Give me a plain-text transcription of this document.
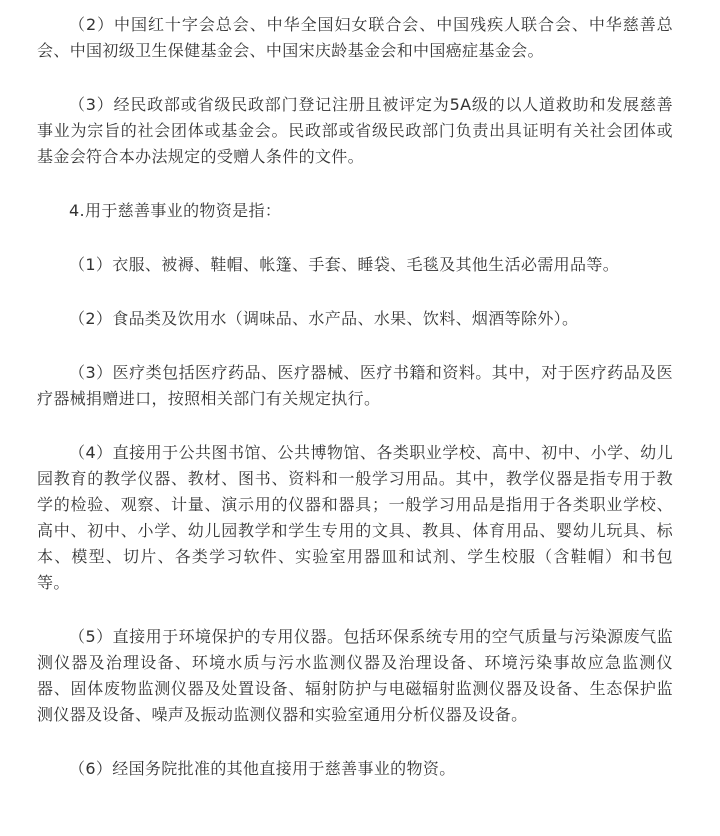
（2）中国红十字会总会、中华全国妇女联合会、中国残疾人联合会、中华慈善总会、中国初级卫生保健基金会、中国宋庆龄基金会和中国癌症基金会。

（3）经民政部或省级民政部门登记注册且被评定为5A级的以人道救助和发展慈善事业为宗旨的社会团体或基金会。民政部或省级民政部门负责出具证明有关社会团体或基金会符合本办法规定的受赠人条件的文件。

4.用于慈善事业的物资是指：

（1）衣服、被褥、鞋帽、帐篷、手套、睡袋、毛毯及其他生活必需用品等。

（2）食品类及饮用水（调味品、水产品、水果、饮料、烟酒等除外）。

（3）医疗类包括医疗药品、医疗器械、医疗书籍和资料。其中，对于医疗药品及医疗器械捐赠进口，按照相关部门有关规定执行。

（4）直接用于公共图书馆、公共博物馆、各类职业学校、高中、初中、小学、幼儿园教育的教学仪器、教材、图书、资料和一般学习用品。其中，教学仪器是指专用于教学的检验、观察、计量、演示用的仪器和器具；一般学习用品是指用于各类职业学校、高中、初中、小学、幼儿园教学和学生专用的文具、教具、体育用品、婴幼儿玩具、标本、模型、切片、各类学习软件、实验室用器皿和试剂、学生校服（含鞋帽）和书包等。

（5）直接用于环境保护的专用仪器。包括环保系统专用的空气质量与污染源废气监测仪器及治理设备、环境水质与污水监测仪器及治理设备、环境污染事故应急监测仪器、固体废物监测仪器及处置设备、辐射防护与电磁辐射监测仪器及设备、生态保护监测仪器及设备、噪声及振动监测仪器和实验室通用分析仪器及设备。

（6）经国务院批准的其他直接用于慈善事业的物资。
